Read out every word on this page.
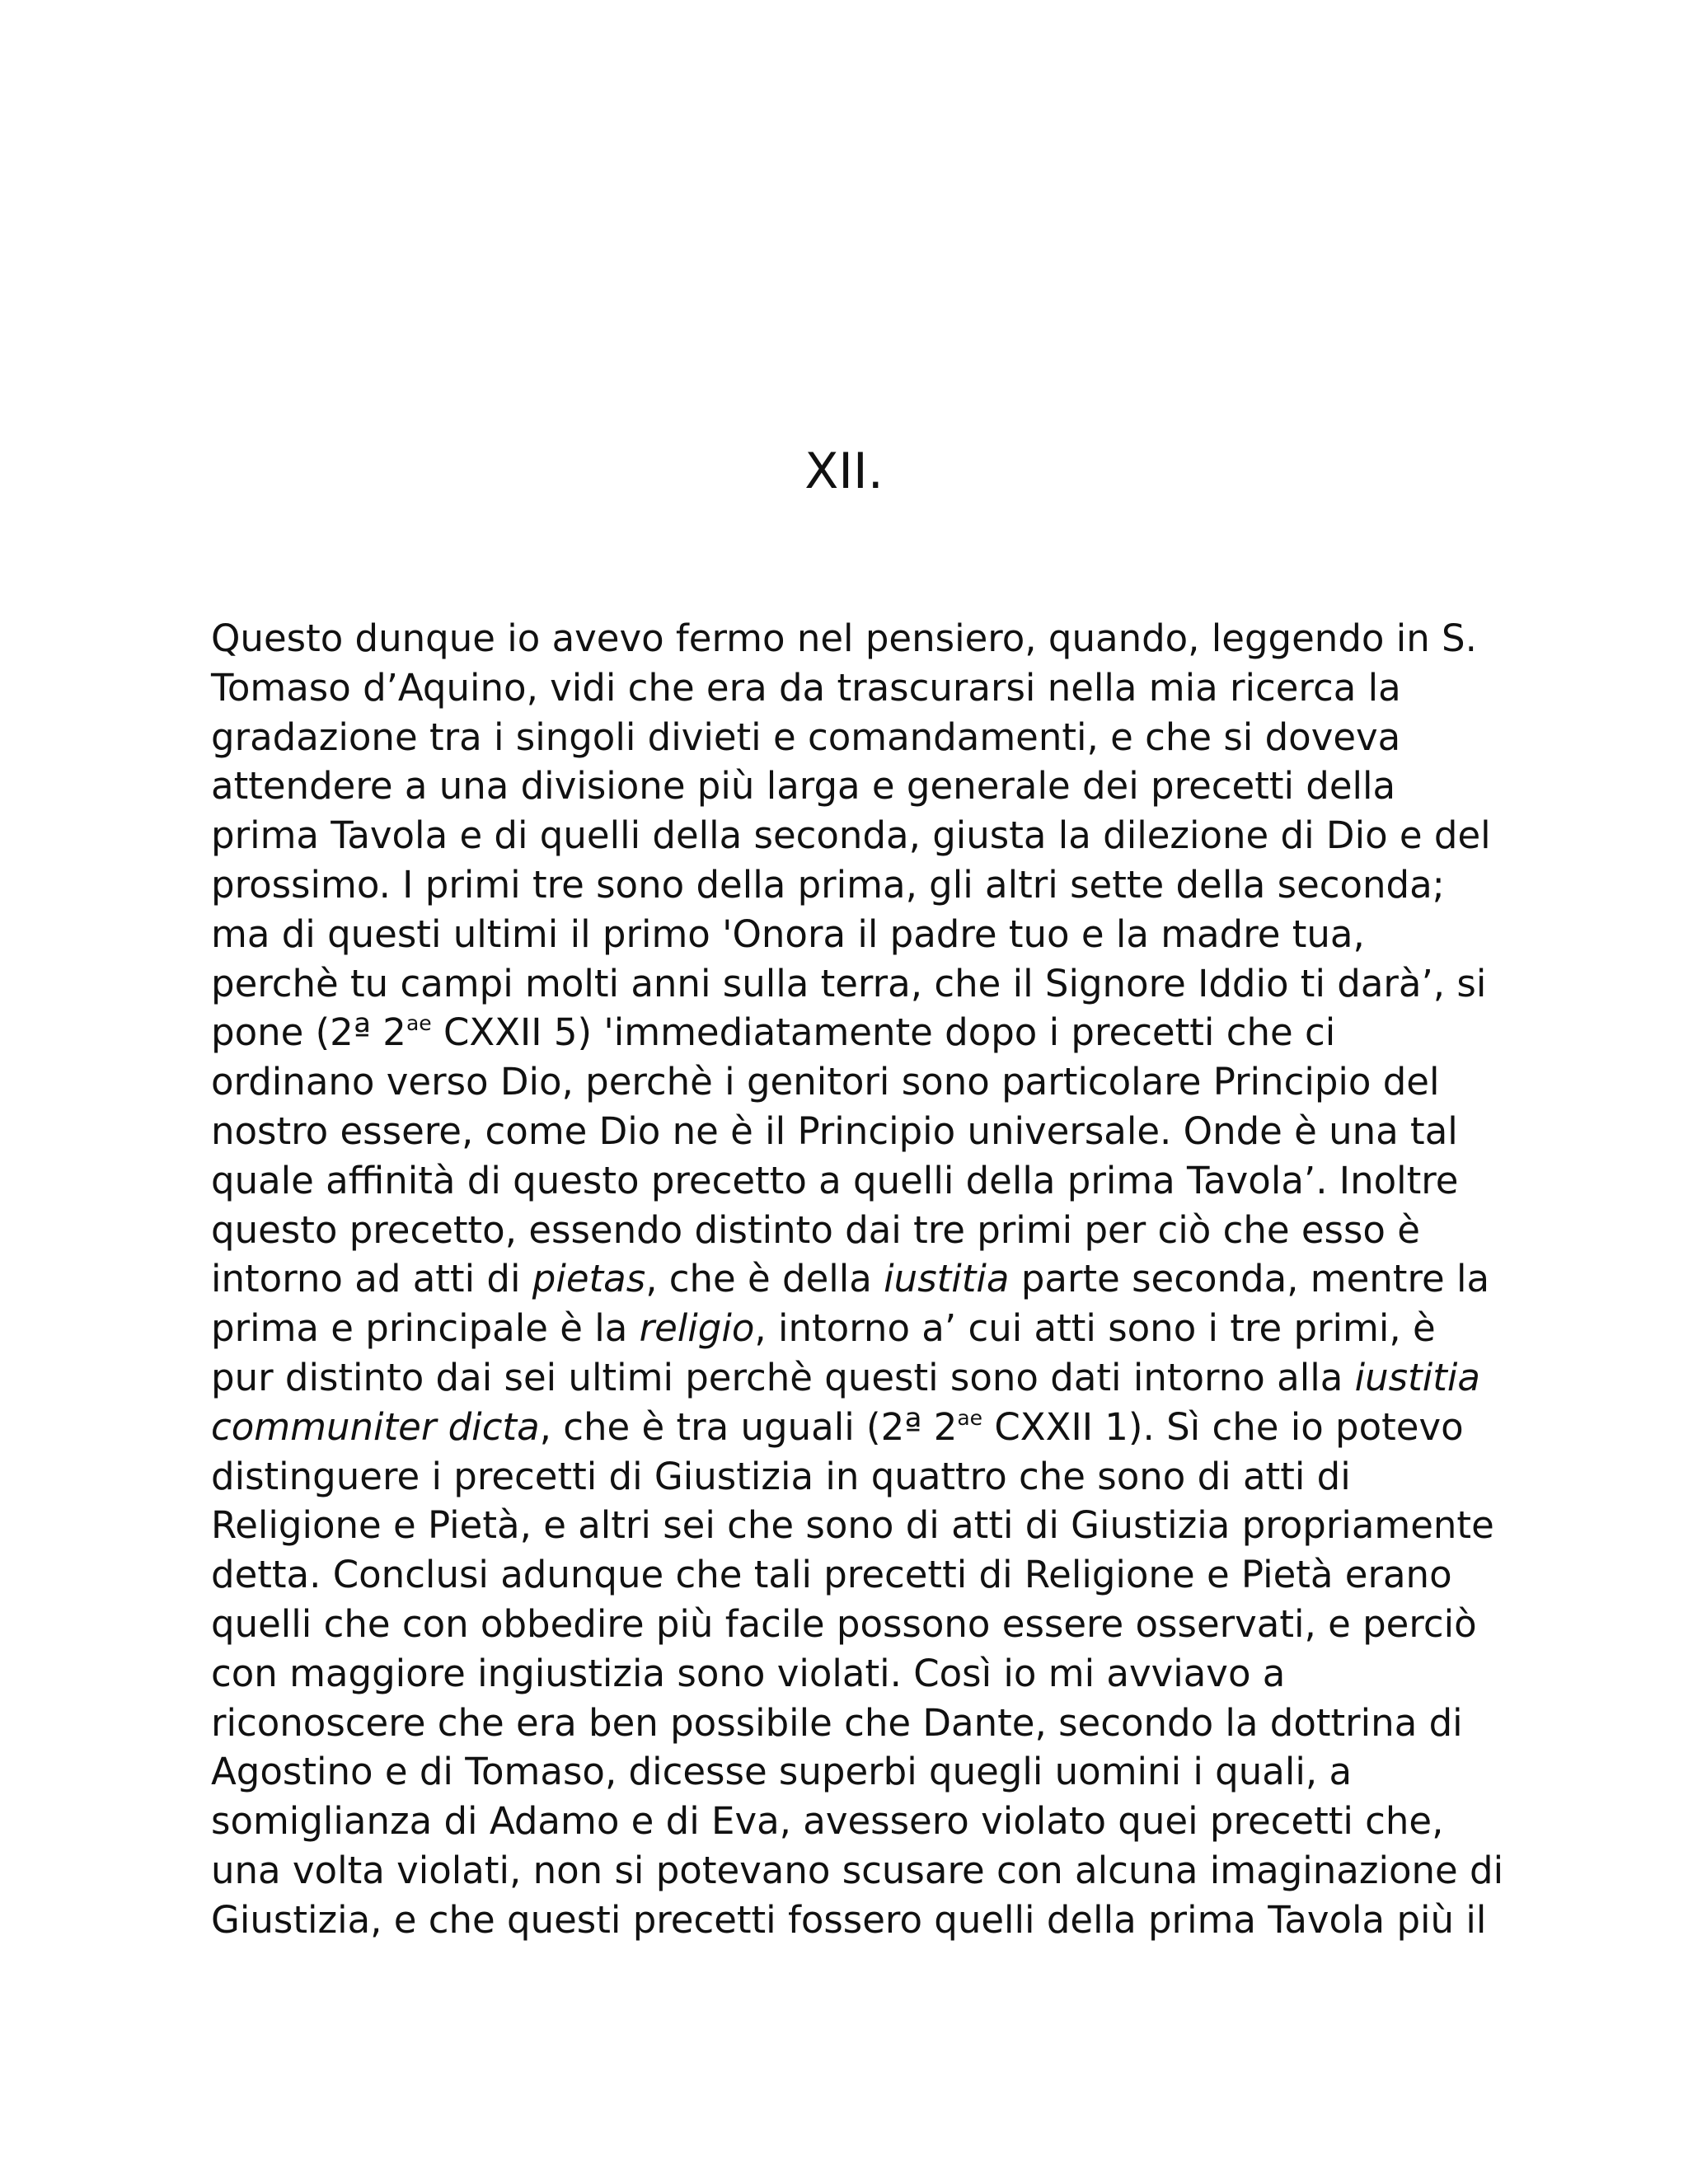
XII.
Questo dunque io avevo fermo nel pensiero, quando, leggendo in S.
Tomaso d’Aquino, vidi che era da trascurarsi nella mia ricerca la
gradazione tra i singoli divieti e comandamenti, e che si doveva
attendere a una divisione più larga e generale dei precetti della
prima Tavola e di quelli della seconda, giusta la dilezione di Dio e del
prossimo. I primi tre sono della prima, gli altri sette della seconda;
ma di questi ultimi il primo 'Onora il padre tuo e la madre tua,
perchè tu campi molti anni sulla terra, che il Signore Iddio ti darà’, si
pone (2ª $2^{ae}$ CXXII 5) 'immediatamente dopo i precetti che ci
ordinano verso Dio, perchè i genitori sono particolare Principio del
nostro essere, come Dio ne è il Principio universale. Onde è una tal
quale affinità di questo precetto a quelli della prima Tavola’. Inoltre
questo precetto, essendo distinto dai tre primi per ciò che esso è
intorno ad atti di pietas, che è della iustitia parte seconda, mentre la
prima e principale è la religio, intorno a’ cui atti sono i tre primi, è
pur distinto dai sei ultimi perchè questi sono dati intorno alla iustitia
communiter dicta, che è tra uguali (2ª $2^{ae}$ CXXII 1). Sì che io potevo
distinguere i precetti di Giustizia in quattro che sono di atti di
Religione e Pietà, e altri sei che sono di atti di Giustizia propriamente
detta. Conclusi adunque che tali precetti di Religione e Pietà erano
quelli che con obbedire più facile possono essere osservati, e perciò
con maggiore ingiustizia sono violati. Così io mi avviavo a
riconoscere che era ben possibile che Dante, secondo la dottrina di
Agostino e di Tomaso, dicesse superbi quegli uomini i quali, a
somiglianza di Adamo e di Eva, avessero violato quei precetti che,
una volta violati, non si potevano scusare con alcuna imaginazione di
Giustizia, e che questi precetti fossero quelli della prima Tavola più il
